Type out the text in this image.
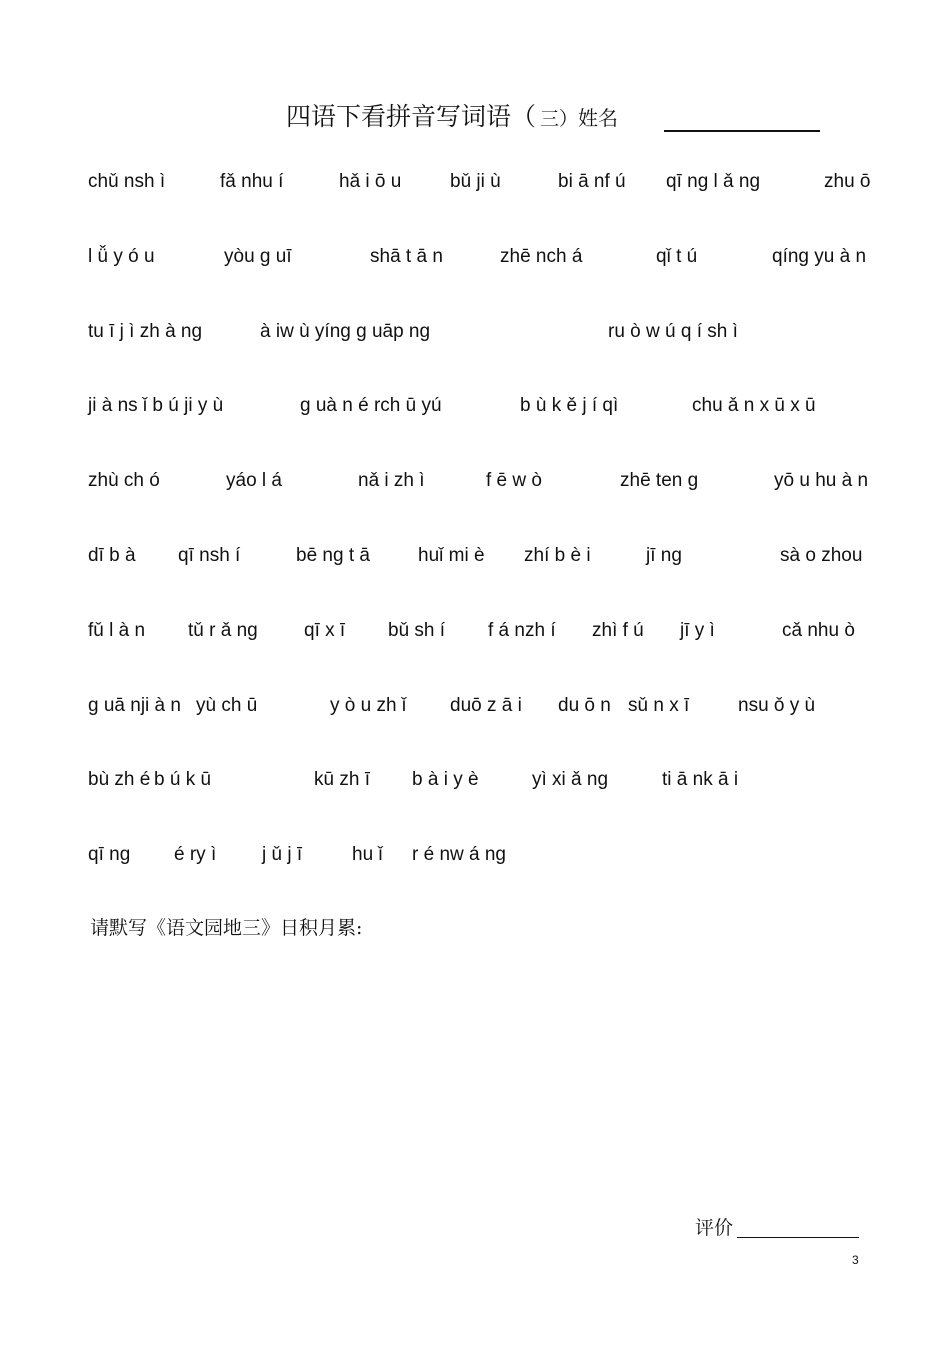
四语下看拼音写词语（ 三）姓名
chǔ nsh ì	fǎ nhu í	hǎ i ō u	bǔ ji ù	bi ā nf ú qī ng l ǎ ng	zhu ō
l ǚ y ó u	yòu g uī	shā t ā n	zhē nch á	qǐ t ú	qíng yu à n
tu ī j ì zh à ng	à iw ù yíng g uāp ng	ru ò w ú q í sh ì
ji à ns ǐ b ú ji y ù	g uà n é rch ū yú	b ù k ě j í qì	chu ǎ n x ū x ū
zhù ch ó	yáo l á	nǎ i zh ì	f ē w ò	zhē ten g	yō u hu à n
dī b à qī nsh í	bē ng t ā	huǐ mi è zhí b è i	jī ng	sà o zhou
fǔ l à n tǔ r ǎ ng qī x ī bǔ sh í f á nzh í zhì f ú jī y ì	cǎ nhu ò
g uā nji à n yù ch ū	y ò u zh ǐ duō z ā i du ō n sǔ n x ī	nsu ǒ y ù
bù zh é b ú k ū	kū zh ī b à i y è	yì xi ǎ ng	ti ā nk ā i
qī ng é ry ì j ǔ j ī	hu ǐ r é nw á ng
请默写《语文园地三》日积月累:
评价
3
